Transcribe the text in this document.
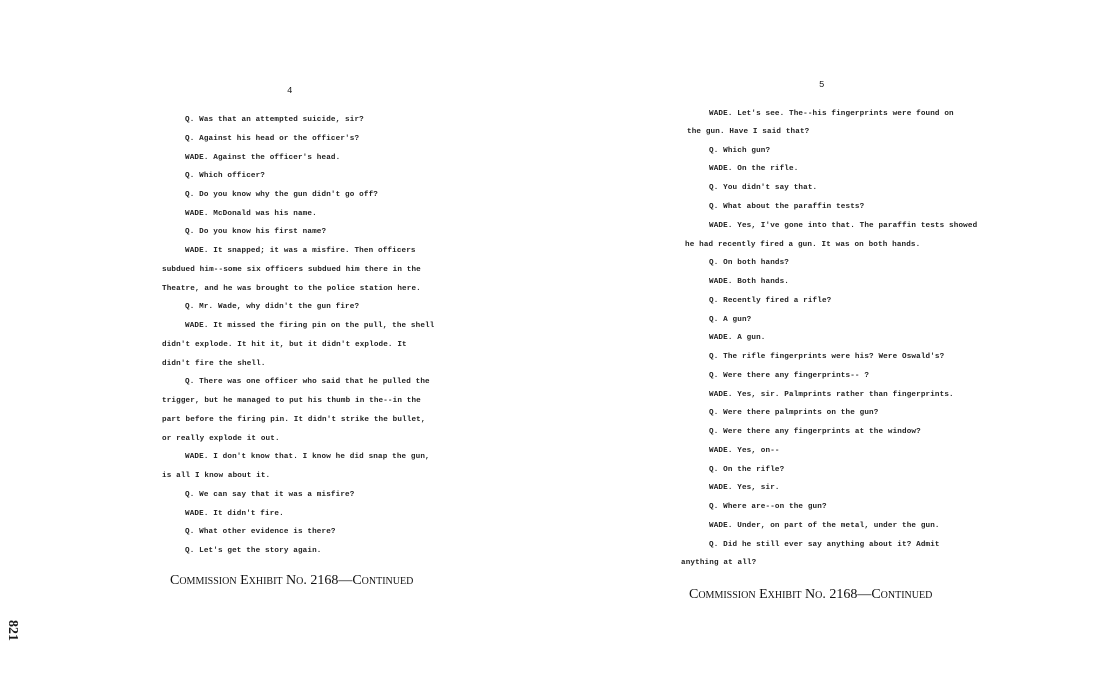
4
Q. Was that an attempted suicide, sir?
Q. Against his head or the officer's?
WADE. Against the officer's head.
Q. Which officer?
Q. Do you know why the gun didn't go off?
WADE. McDonald was his name.
Q. Do you know his first name?
WADE. It snapped; it was a misfire. Then officers
subdued him--some six officers subdued him there in the
Theatre, and he was brought to the police station here.
Q. Mr. Wade, why didn't the gun fire?
WADE. It missed the firing pin on the pull, the shell
didn't explode. It hit it, but it didn't explode. It
didn't fire the shell.
Q. There was one officer who said that he pulled the
trigger, but he managed to put his thumb in the--in the
part before the firing pin. It didn't strike the bullet,
or really explode it out.
WADE. I don't know that. I know he did snap the gun,
is all I know about it.
Q. We can say that it was a misfire?
WADE. It didn't fire.
Q. What other evidence is there?
Q. Let's get the story again.
Commission Exhibit No. 2168—Continued
5
WADE. Let's see. The--his fingerprints were found on
the gun. Have I said that?
Q. Which gun?
WADE. On the rifle.
Q. You didn't say that.
Q. What about the paraffin tests?
WADE. Yes, I've gone into that. The paraffin tests showed
he had recently fired a gun. It was on both hands.
Q. On both hands?
WADE. Both hands.
Q. Recently fired a rifle?
Q. A gun?
WADE. A gun.
Q. The rifle fingerprints were his? Were Oswald's?
Q. Were there any fingerprints-- ?
WADE. Yes, sir. Palmprints rather than fingerprints.
Q. Were there palmprints on the gun?
Q. Were there any fingerprints at the window?
WADE. Yes, on--
Q. On the rifle?
WADE. Yes, sir.
Q. Where are--on the gun?
WADE. Under, on part of the metal, under the gun.
Q. Did he still ever say anything about it? Admit
anything at all?
Commission Exhibit No. 2168—Continued
821
